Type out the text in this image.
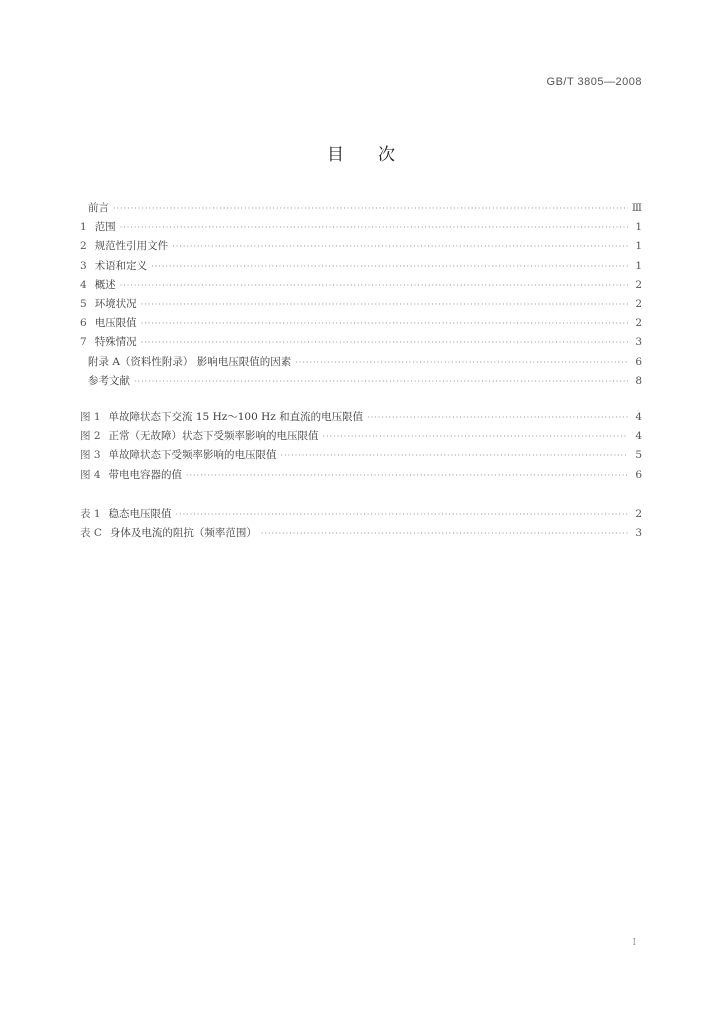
GB/T 3805—2008
目次
前言 ·····	Ⅲ
1 范围 ·····	1
2 规范性引用文件 ·····	1
3 术语和定义 ·····	1
4 概述 ·····	2
5 环境状况 ·····	2
6 电压限值 ·····	2
7 特殊情况 ·····	3
附录 A（资料性附录） 影响电压限值的因素 ·····	6
参考文献 ·····	8
图 1 单故障状态下交流 15 Hz～100 Hz 和直流的电压限值 ·····	4
图 2 正常（无故障）状态下受频率影响的电压限值 ·····	4
图 3 单故障状态下受频率影响的电压限值 ·····	5
图 4 带电电容器的值 ·····	6
表 1 稳态电压限值 ·····	2
表 C 身体及电流的阻抗（频率范围） ·····	3
I
